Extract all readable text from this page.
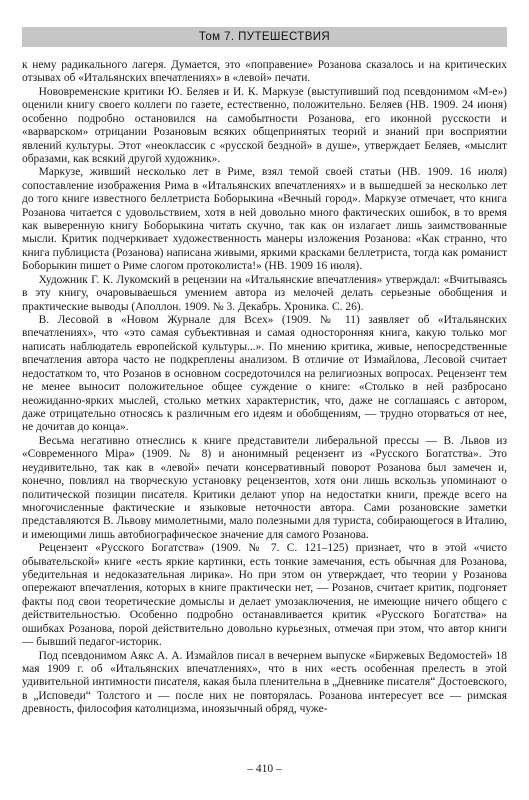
Том 7. ПУТЕШЕСТВИЯ

к нему радикального лагеря. Думается, это «поправение» Розанова сказалось и на критических отзывах об «Итальянских впечатлениях» в «левой» печати.

Нововременские критики Ю. Беляев и И. К. Маркузе (выступивший под псевдонимом «М-е») оценили книгу своего коллеги по газете, естественно, положительно. Беляев (НВ. 1909. 24 июня) особенно подробно остановился на самобытности Розанова, его иконной русскости и «варварском» отрицании Розановым всяких общепринятых теорий и знаний при восприятии явлений культуры. Этот «неоклассик с «русской бездной» в душе», утверждает Беляев, «мыслит образами, как всякий другой художник».

Маркузе, живший несколько лет в Риме, взял темой своей статьи (НВ. 1909. 16 июля) сопоставление изображения Рима в «Итальянских впечатлениях» и в вышедшей за несколько лет до того книге известного беллетриста Боборыкина «Вечный город». Маркузе отмечает, что книга Розанова читается с удовольствием, хотя в ней довольно много фактических ошибок, в то время как выверенную книгу Боборыкина читать скучно, так как он излагает лишь заимствованные мысли. Критик подчеркивает художественность манеры изложения Розанова: «Как странно, что книга публициста (Розанова) написана живыми, яркими красками беллетриста, тогда как романист Боборыкин пишет о Риме слогом протоколиста!» (НВ. 1909 16 июля).

Художник Г. К. Лукомский в рецензии на «Итальянские впечатления» утверждал: «Вчитываясь в эту книгу, очаровываешься умением автора из мелочей делать серьезные обобщения и практические выводы (Аполлон. 1909. № 3. Декабрь. Хроника. С. 26).

В. Лесовой в «Новом Журнале для Всех» (1909. № 11) заявляет об «Итальянских впечатлениях», что «это самая субъективная и самая односторонняя книга, какую только мог написать наблюдатель европейской культуры...». По мнению критика, живые, непосредственные впечатления автора часто не подкреплены анализом. В отличие от Измайлова, Лесовой считает недостатком то, что Розанов в основном сосредоточился на религиозных вопросах. Рецензент тем не менее выносит положительное общее суждение о книге: «Столько в ней разбросано неожиданно-ярких мыслей, столько метких характеристик, что, даже не соглашаясь с автором, даже отрицательно относясь к различным его идеям и обобщениям, — трудно оторваться от нее, не дочитав до конца».

Весьма негативно отнеслись к книге представители либеральной прессы — В. Львов из «Современного Міра» (1909. № 8) и анонимный рецензент из «Русского Богатства». Это неудивительно, так как в «левой» печати консервативный поворот Розанова был замечен и, конечно, повлиял на творческую установку рецензентов, хотя они лишь вскользь упоминают о политической позиции писателя. Критики делают упор на недостатки книги, прежде всего на многочисленные фактические и языковые неточности автора. Сами розановские заметки представляются В. Львову мимолетными, мало полезными для туриста, собирающегося в Италию, и имеющими лишь автобиографическое значение для самого Розанова.

Рецензент «Русского Богатства» (1909. № 7. С. 121–125) признает, что в этой «чисто обывательской» книге «есть яркие картинки, есть тонкие замечания, есть обычная для Розанова, убедительная и недоказательная лирика». Но при этом он утверждает, что теории у Розанова опережают впечатления, которых в книге практически нет, — Розанов, считает критик, подгоняет факты под свои теоретические домыслы и делает умозаключения, не имеющие ничего общего с действительностью. Особенно подробно останавливается критик «Русского Богатства» на ошибках Розанова, порой действительно довольно курьезных, отмечая при этом, что автор книги — бывший педагог-историк.

Под псевдонимом Аякс А. А. Измайлов писал в вечернем выпуске «Биржевых Ведомостей» 18 мая 1909 г. об «Итальянских впечатлениях», что в них «есть особенная прелесть в этой удивительной интимности писателя, какая была пленительна в „Дневнике писателя“ Достоевского, в „Исповеди“ Толстого и — после них не повторялась. Розанова интересует все — римская древность, философия католицизма, иноязычный обряд, чуже-

– 410 –
